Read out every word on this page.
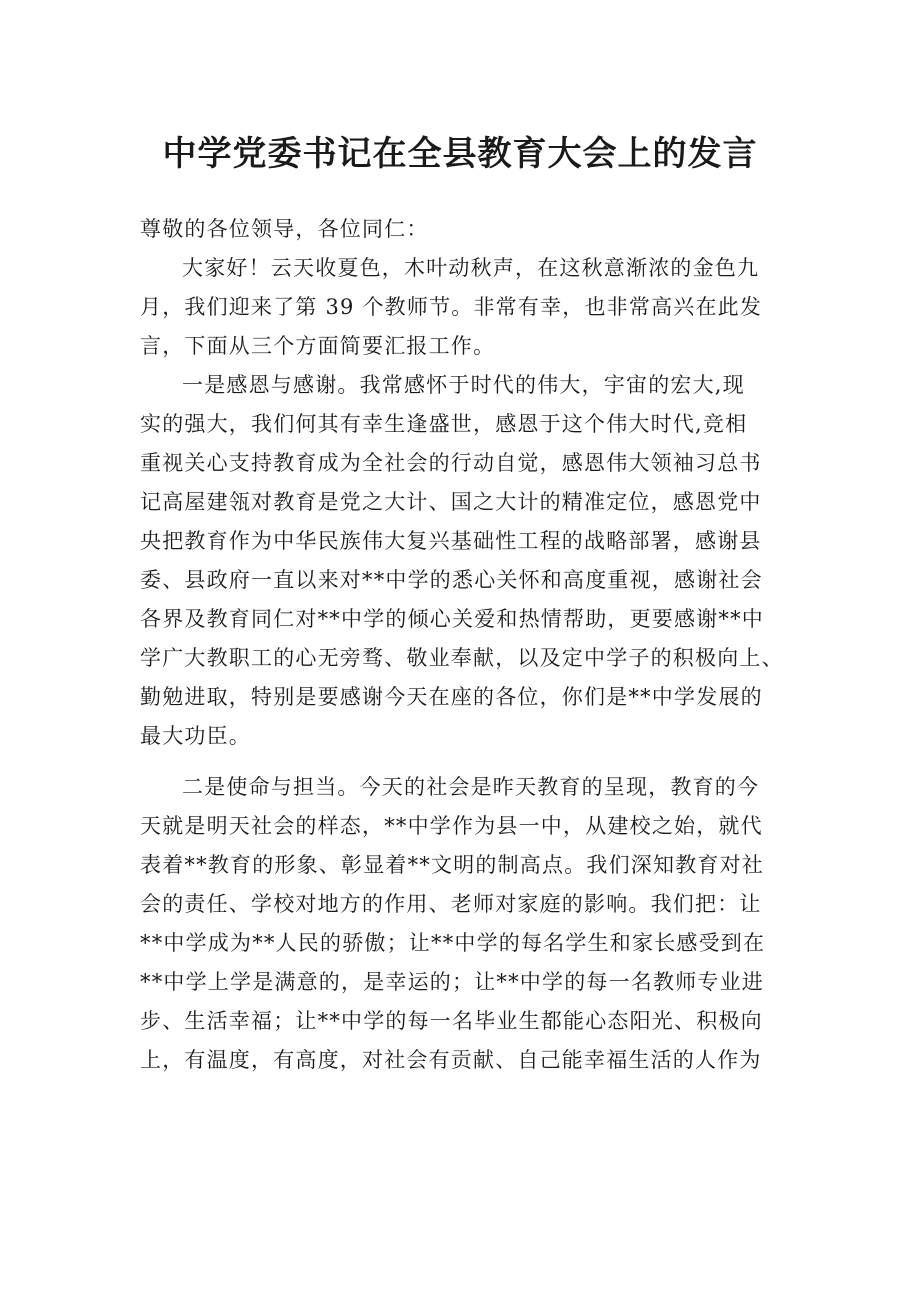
中学党委书记在全县教育大会上的发言
尊敬的各位领导，各位同仁：
大家好！云天收夏色，木叶动秋声，在这秋意渐浓的金色九
月，我们迎来了第 39 个教师节。非常有幸，也非常高兴在此发
言，下面从三个方面简要汇报工作。
一是感恩与感谢。我常感怀于时代的伟大，宇宙的宏大,现
实的强大，我们何其有幸生逢盛世，感恩于这个伟大时代,竞相
重视关心支持教育成为全社会的行动自觉，感恩伟大领袖习总书
记高屋建瓴对教育是党之大计、国之大计的精准定位，感恩党中
央把教育作为中华民族伟大复兴基础性工程的战略部署，感谢县
委、县政府一直以来对**中学的悉心关怀和高度重视，感谢社会
各界及教育同仁对**中学的倾心关爱和热情帮助，更要感谢**中
学广大教职工的心无旁骛、敬业奉献，以及定中学子的积极向上、
勤勉进取，特别是要感谢今天在座的各位，你们是**中学发展的
最大功臣。
二是使命与担当。今天的社会是昨天教育的呈现，教育的今
天就是明天社会的样态，**中学作为县一中，从建校之始，就代
表着**教育的形象、彰显着**文明的制高点。我们深知教育对社
会的责任、学校对地方的作用、老师对家庭的影响。我们把：让
**中学成为**人民的骄傲；让**中学的每名学生和家长感受到在
**中学上学是满意的，是幸运的；让**中学的每一名教师专业进
步、生活幸福；让**中学的每一名毕业生都能心态阳光、积极向
上，有温度，有高度，对社会有贡献、自己能幸福生活的人作为
